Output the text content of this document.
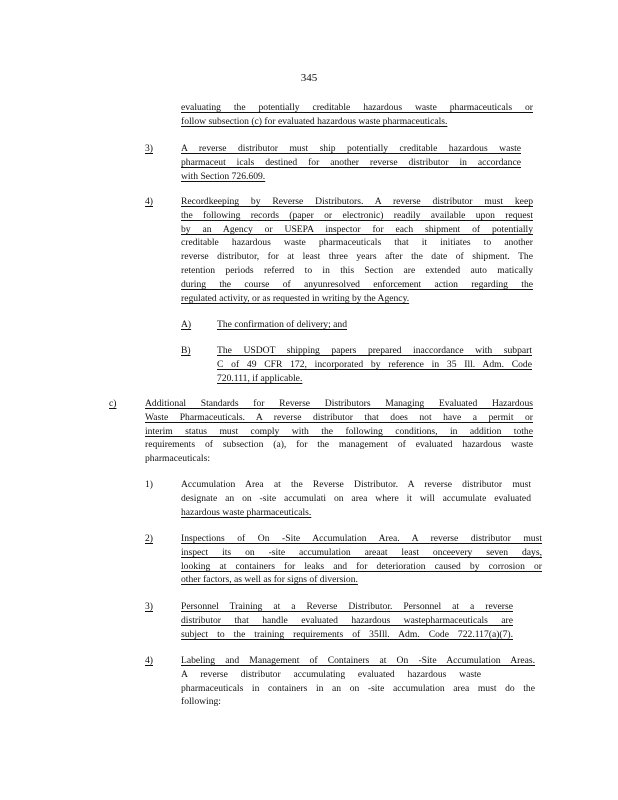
345
evaluating the potentially creditable hazardous waste pharmaceuticals or
follow subsection (c) for evaluated hazardous waste pharmaceuticals.
3)	A reverse distributor must ship potentially creditable hazardous waste
pharmaceut icals destined for another reverse distributor in accordance
with Section 726.609.
4)	Recordkeeping by Reverse Distributors. A reverse distributor must keep
the following records (paper or electronic) readily available upon request
by an Agency or USEPA inspector for each shipment of potentially
creditable hazardous waste pharmaceuticals that it initiates to another
reverse distributor, for at least three years after the date of shipment. The
retention periods referred to in this Section are extended auto matically
during the course of anyunresolved enforcement action regarding the
regulated activity, or as requested in writing by the Agency.
A)	The confirmation of delivery; and
B)	The USDOT shipping papers prepared inaccordance with subpart
C of 49 CFR 172, incorporated by reference in 35 Ill. Adm. Code
720.111, if applicable.
c)	Additional Standards for Reverse Distributors Managing Evaluated Hazardous
Waste Pharmaceuticals. A reverse distributor that does not have a permit or
interim status must comply with the following conditions, in addition tothe
requirements of subsection (a), for the management of evaluated hazardous waste
pharmaceuticals:
1)	Accumulation Area at the Reverse Distributor. A reverse distributor must
designate an on -site accumulati on area where it will accumulate evaluated
hazardous waste pharmaceuticals.
2)	Inspections of On -Site Accumulation Area. A reverse distributor must
inspect its on -site accumulation areaat least onceevery seven days,
looking at containers for leaks and for deterioration caused by corrosion or
other factors, as well as for signs of diversion.
3)	Personnel Training at a Reverse Distributor. Personnel at a reverse
distributor that handle evaluated hazardous wastepharmaceuticals are
subject to the training requirements of 35Ill. Adm. Code 722.117(a)(7).
4)	Labeling and Management of Containers at On -Site Accumulation Areas.
A reverse distributor accumulating evaluated hazardous waste
pharmaceuticals in containers in an on -site accumulation area must do the
following:
